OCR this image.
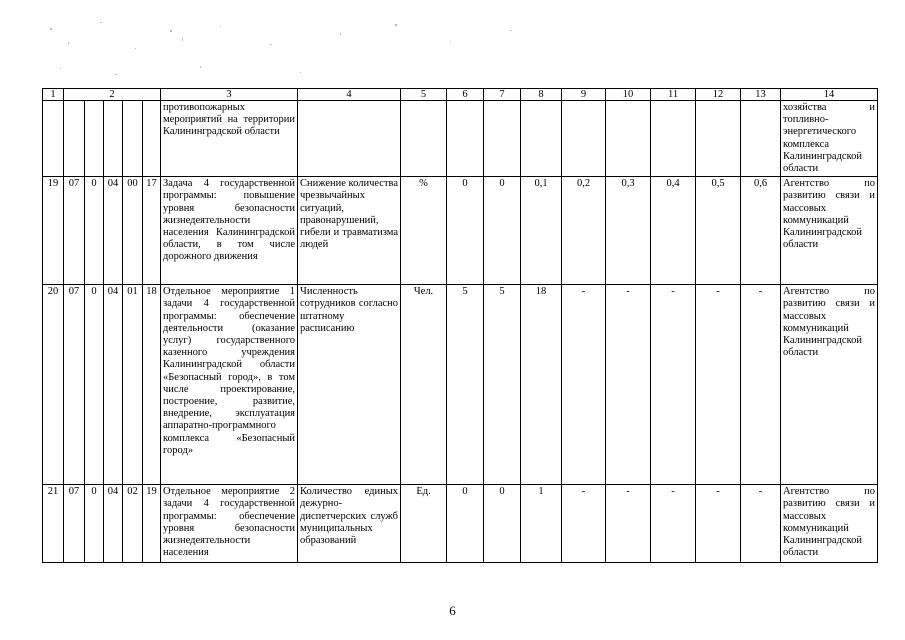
1	2					3	4	5	6	7	8	9	10	11	12	13	14
						противопожарных мероприятий на территории Калининградской области											хозяйства и топливно-энергетического комплекса Калининградской области
19	07	0	04	00	17	Задача 4 государственной программы: повышение уровня безопасности жизнедеятельности населения Калининградской области, в том числе дорожного движения	Снижение количества чрезвычайных ситуаций, правонарушений, гибели и травматизма людей	%	0	0	0,1	0,2	0,3	0,4	0,5	0,6	Агентство по развитию связи и массовых коммуникаций Калининградской области
20	07	0	04	01	18	Отдельное мероприятие 1 задачи 4 государственной программы: обеспечение деятельности (оказание услуг) государственного казенного учреждения Калининградской области «Безопасный город», в том числе проектирование, построение, развитие, внедрение, эксплуатация аппаратно-программного комплекса «Безопасный город»	Численность сотрудников согласно штатному расписанию	Чел.	5	5	18	-	-	-	-	-	Агентство по развитию связи и массовых коммуникаций Калининградской области
21	07	0	04	02	19	Отдельное мероприятие 2 задачи 4 государственной программы: обеспечение уровня безопасности жизнедеятельности населения	Количество единых дежурно-диспетчерских служб муниципальных образований	Ед.	0	0	1	-	-	-	-	-	Агентство по развитию связи и массовых коммуникаций Калининградской области
6
